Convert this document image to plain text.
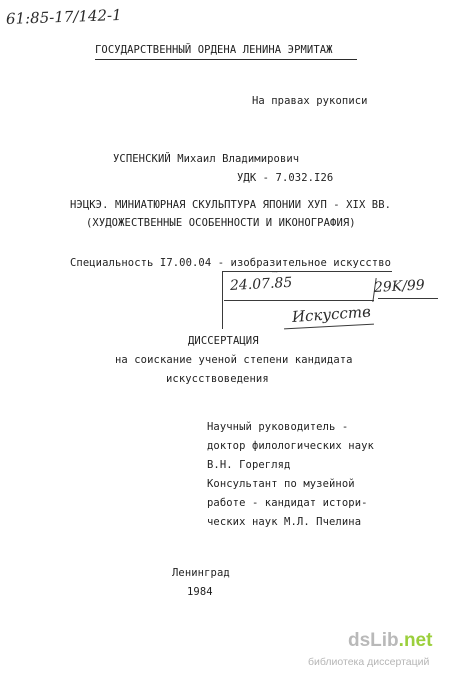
61:85-17/142-1
ГОСУДАРСТВЕННЫЙ ОРДЕНА ЛЕНИНА ЭРМИТАЖ
На правах рукописи
УСПЕНСКИЙ Михаил Владимирович
УДК - 7.032.I26
НЭЦКЭ. МИНИАТЮРНАЯ СКУЛЬПТУРА ЯПОНИИ ХУП - XIX ВВ.
(ХУДОЖЕСТВЕННЫЕ ОСОБЕННОСТИ И ИКОНОГРАФИЯ)
Специальность I7.00.04 - изобразительное искусство
...
24.07.85	29K/99
Искусств
ДИССЕРТАЦИЯ
на соискание ученой степени кандидата
искусствоведения
Научный руководитель -
доктор филологических наук
В.Н. Горегляд
Консультант по музейной
работе - кандидат истори-
ческих наук М.Л. Пчелина
Ленинград
1984
dsLib.net
библиотека диссертаций
